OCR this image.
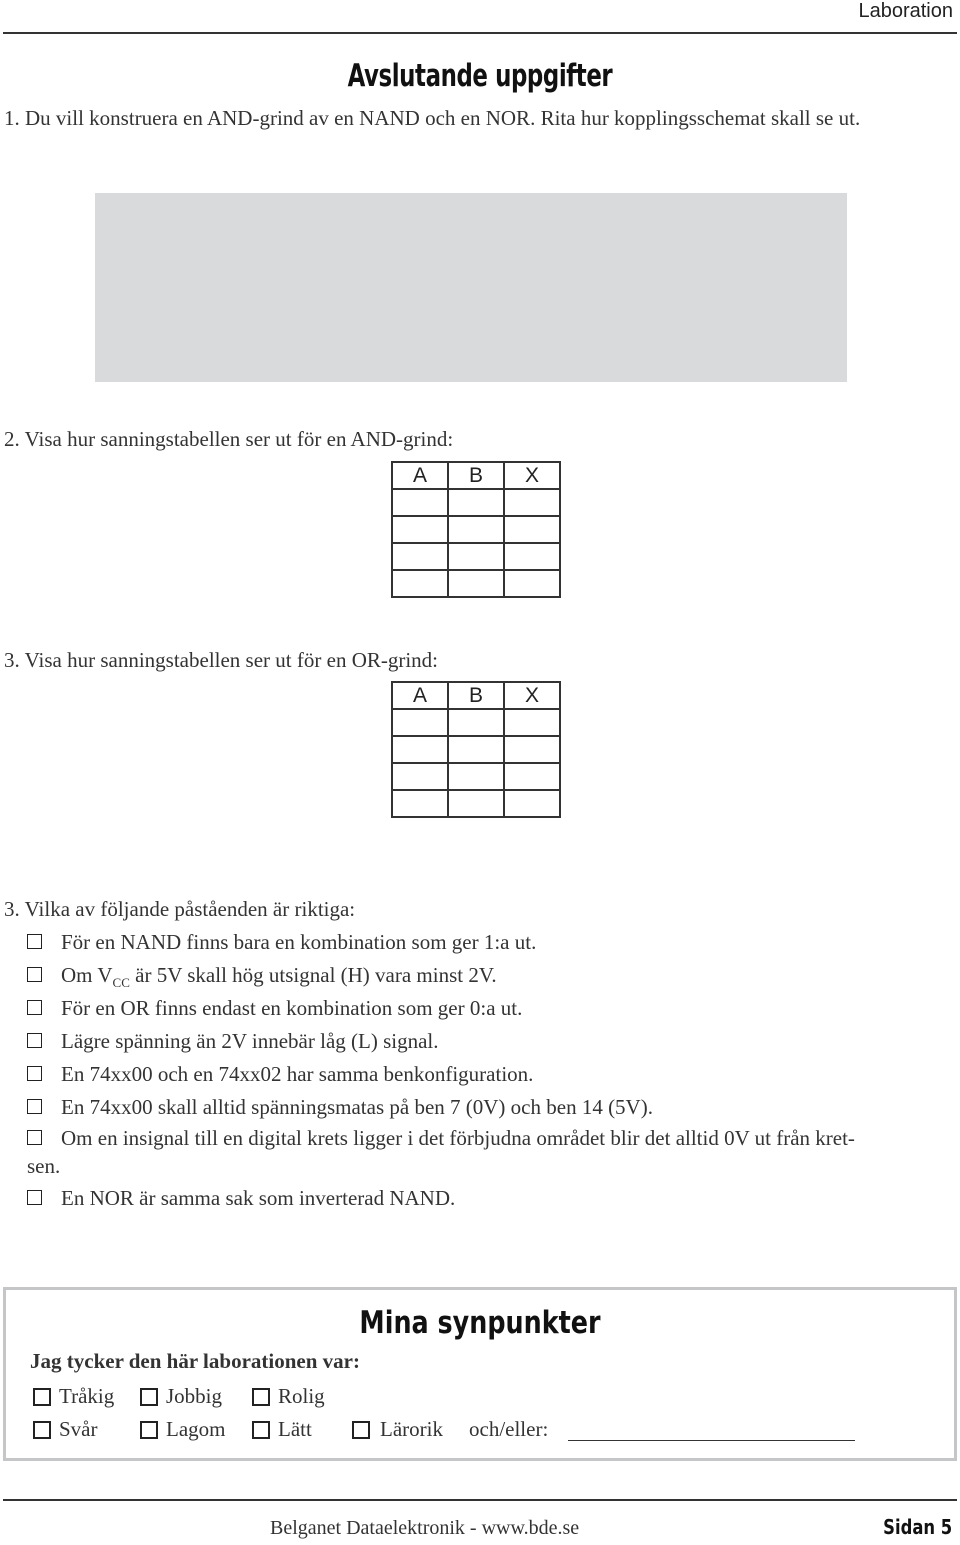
Laboration
Avslutande uppgifter
1. Du vill konstruera en AND-grind av en NAND och en NOR. Rita hur kopplingsschemat skall se ut.
2. Visa hur sanningstabellen ser ut för en AND-grind:
A	B	X

3. Visa hur sanningstabellen ser ut för en OR-grind:
A	B	X

3. Vilka av följande påståenden är riktiga:
För en NAND finns bara en kombination som ger 1:a ut.
Om $V_{CC}$ är 5V skall hög utsignal (H) vara minst 2V.
För en OR finns endast en kombination som ger 0:a ut.
Lägre spänning än 2V innebär låg (L) signal.
En 74xx00 och en 74xx02 har samma benkonfiguration.
En 74xx00 skall alltid spänningsmatas på ben 7 (0V) och ben 14 (5V).
Om en insignal till en digital krets ligger i det förbjudna området blir det alltid 0V ut från kret-
sen.
En NOR är samma sak som inverterad NAND.
Mina synpunkter
Jag tycker den här laborationen var:
Tråkig	Jobbig	Rolig
Svår	Lagom	Lätt	Lärorik och/eller:
Belganet Dataelektronik - www.bde.se	Sidan 5
